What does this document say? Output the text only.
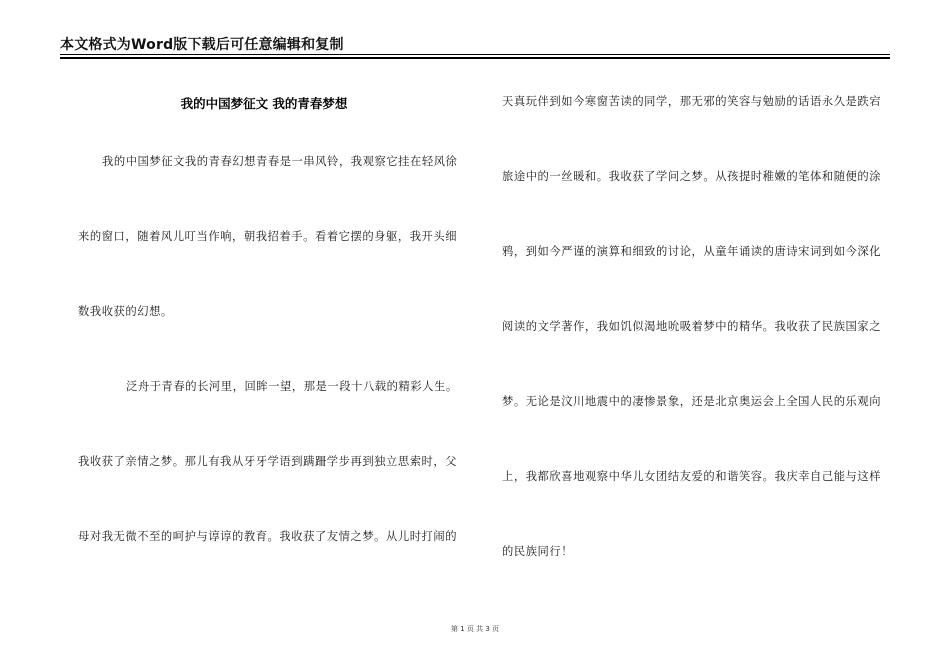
本文格式为Word版下载后可任意编辑和复制
我的中国梦征文 我的青春梦想
我的中国梦征文我的青春幻想青春是一串风铃，我观察它挂在轻风徐
来的窗口，随着风儿叮当作响，朝我招着手。看着它摆的身躯，我开头细
数我收获的幻想。
泛舟于青春的长河里，回眸一望，那是一段十八载的精彩人生。
我收获了亲情之梦。那儿有我从牙牙学语到蹒跚学步再到独立思索时，父
母对我无微不至的呵护与谆谆的教育。我收获了友情之梦。从儿时打闹的
天真玩伴到如今寒窗苦读的同学，那无邪的笑容与勉励的话语永久是跌宕
旅途中的一丝暖和。我收获了学问之梦。从孩提时稚嫩的笔体和随便的涂
鸦，到如今严谨的演算和细致的讨论，从童年诵读的唐诗宋词到如今深化
阅读的文学著作，我如饥似渴地吮吸着梦中的精华。我收获了民族国家之
梦。无论是汶川地震中的凄惨景象，还是北京奥运会上全国人民的乐观向
上，我都欣喜地观察中华儿女团结友爱的和谐笑容。我庆幸自己能与这样
的民族同行！
第 1 页 共 3 页
